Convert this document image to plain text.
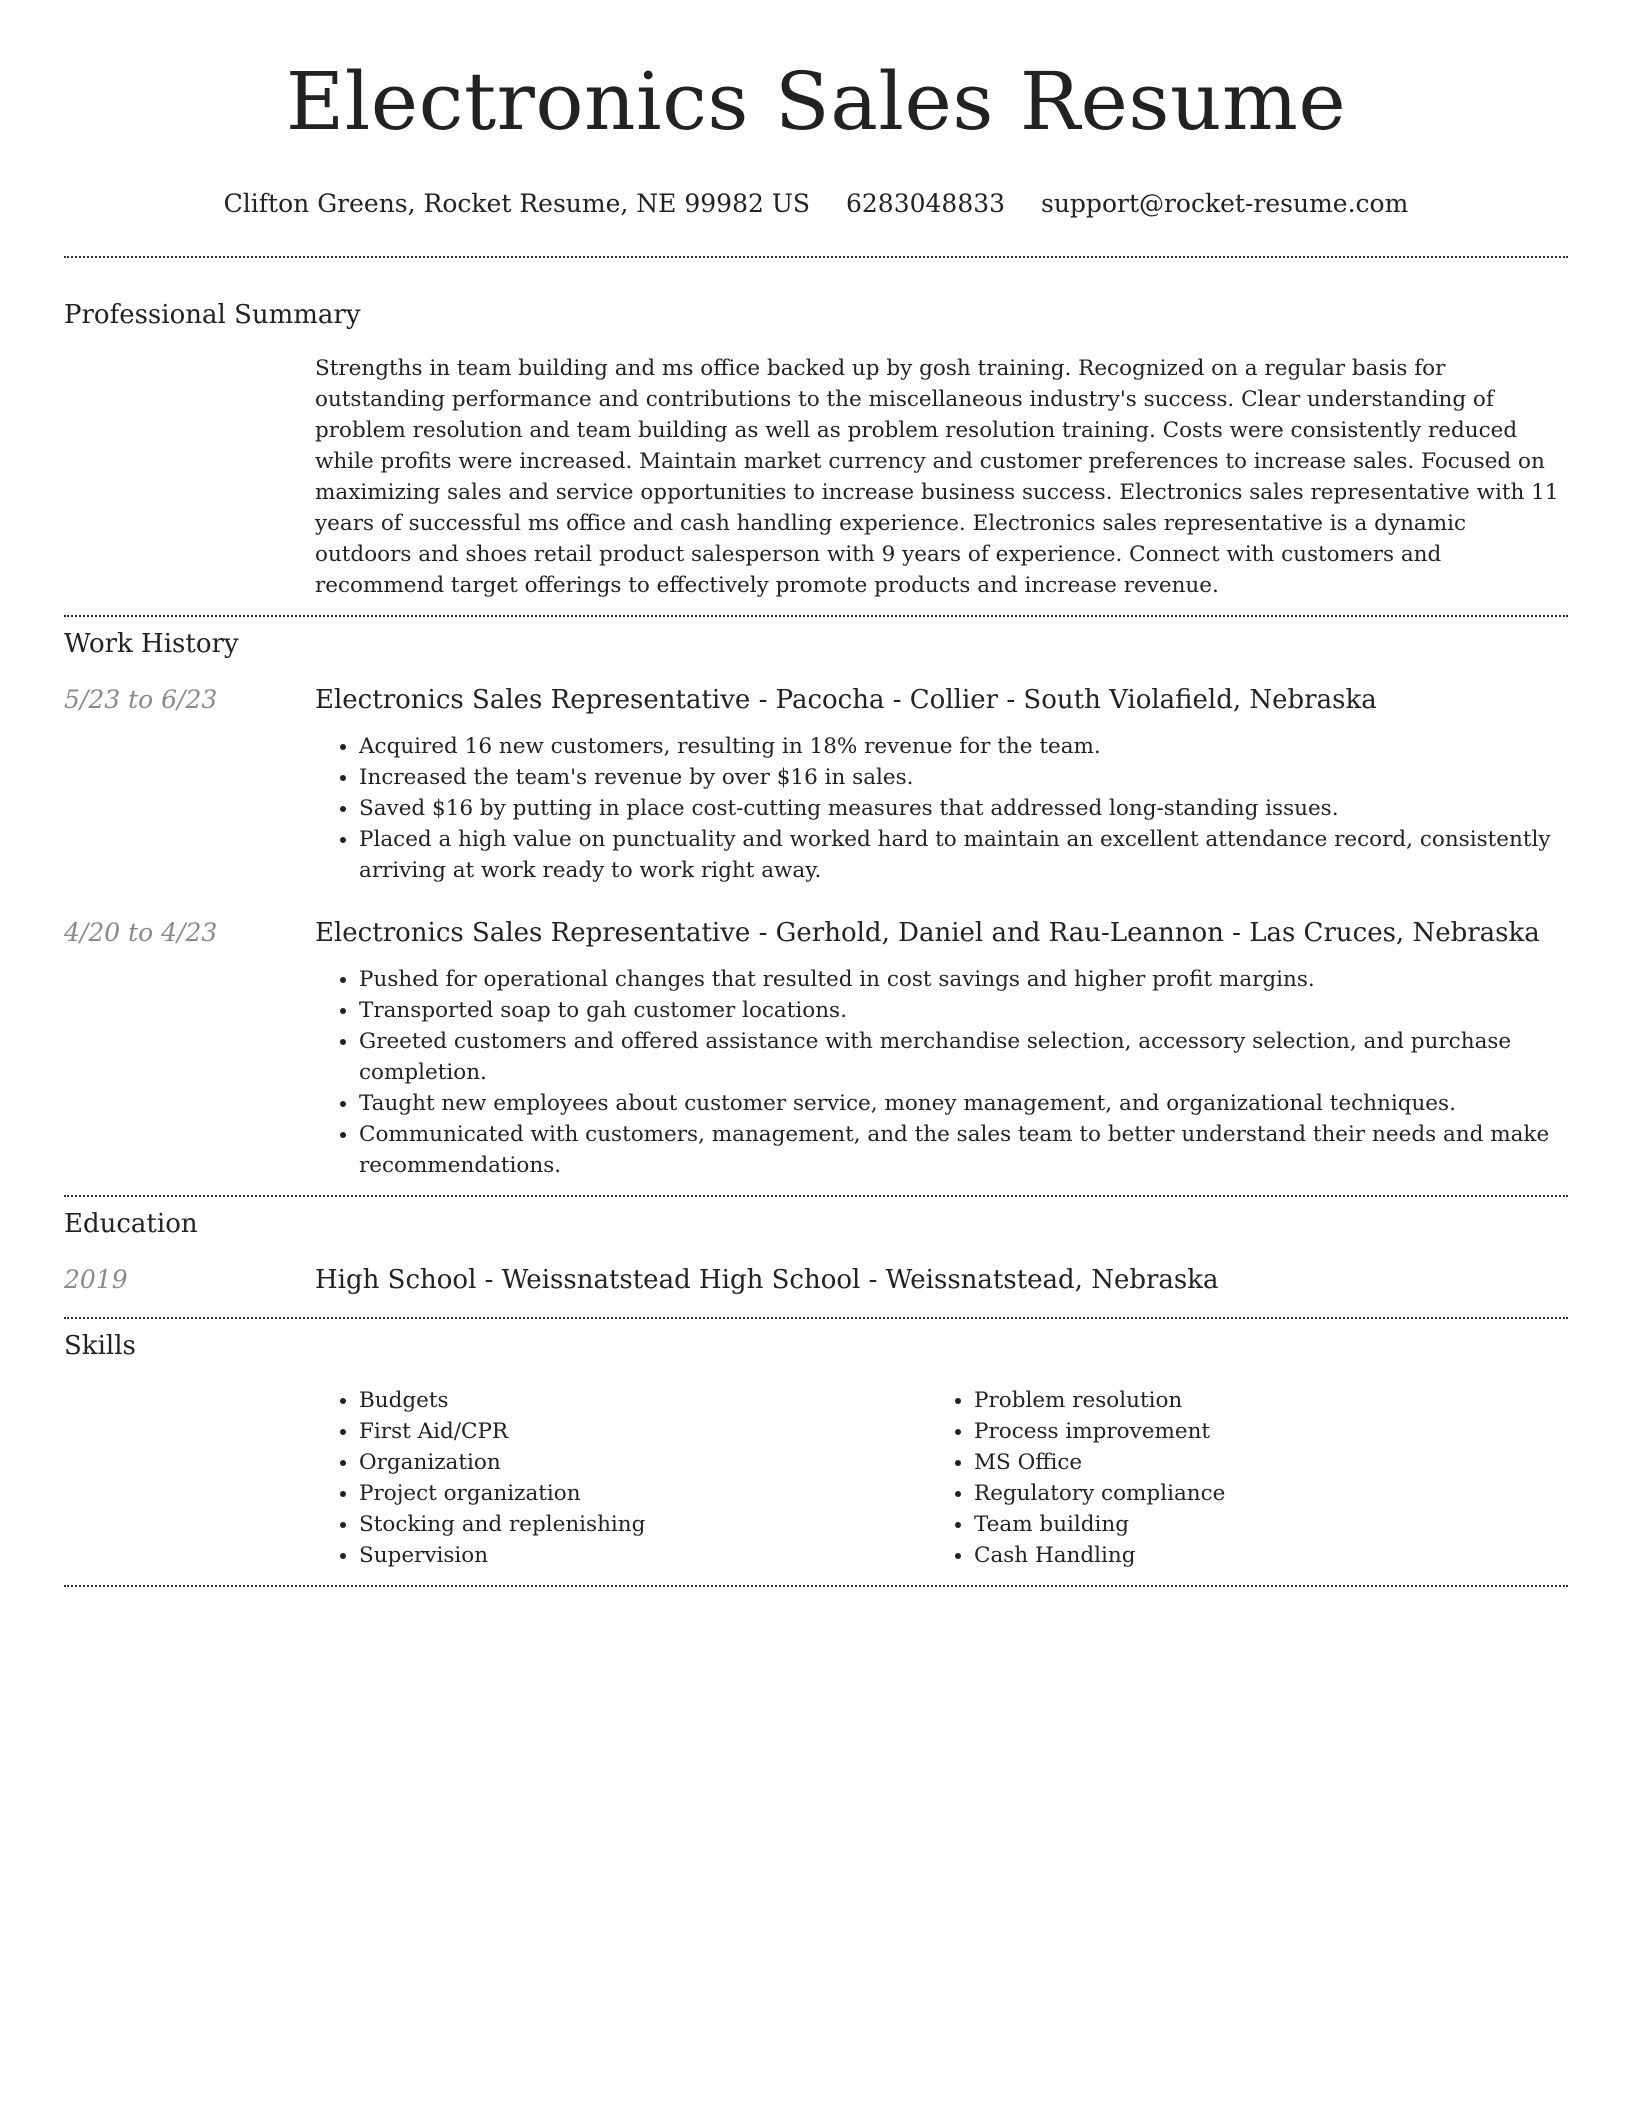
Electronics Sales Resume
Clifton Greens, Rocket Resume, NE 99982 US 6283048833 support@rocket-resume.com
Professional Summary
Strengths in team building and ms office backed up by gosh training. Recognized on a regular basis for outstanding performance and contributions to the miscellaneous industry's success. Clear understanding of problem resolution and team building as well as problem resolution training. Costs were consistently reduced while profits were increased. Maintain market currency and customer preferences to increase sales. Focused on maximizing sales and service opportunities to increase business success. Electronics sales representative with 11 years of successful ms office and cash handling experience. Electronics sales representative is a dynamic outdoors and shoes retail product salesperson with 9 years of experience. Connect with customers and recommend target offerings to effectively promote products and increase revenue.
Work History
5/23 to 6/23	Electronics Sales Representative - Pacocha - Collier - South Violafield, Nebraska
• Acquired 16 new customers, resulting in 18% revenue for the team.
• Increased the team's revenue by over $16 in sales.
• Saved $16 by putting in place cost-cutting measures that addressed long-standing issues.
• Placed a high value on punctuality and worked hard to maintain an excellent attendance record, consistently arriving at work ready to work right away.
4/20 to 4/23	Electronics Sales Representative - Gerhold, Daniel and Rau-Leannon - Las Cruces, Nebraska
• Pushed for operational changes that resulted in cost savings and higher profit margins.
• Transported soap to gah customer locations.
• Greeted customers and offered assistance with merchandise selection, accessory selection, and purchase completion.
• Taught new employees about customer service, money management, and organizational techniques.
• Communicated with customers, management, and the sales team to better understand their needs and make recommendations.
Education
2019	High School - Weissnatstead High School - Weissnatstead, Nebraska
Skills
• Budgets
• First Aid/CPR
• Organization
• Project organization
• Stocking and replenishing
• Supervision
• Problem resolution
• Process improvement
• MS Office
• Regulatory compliance
• Team building
• Cash Handling
